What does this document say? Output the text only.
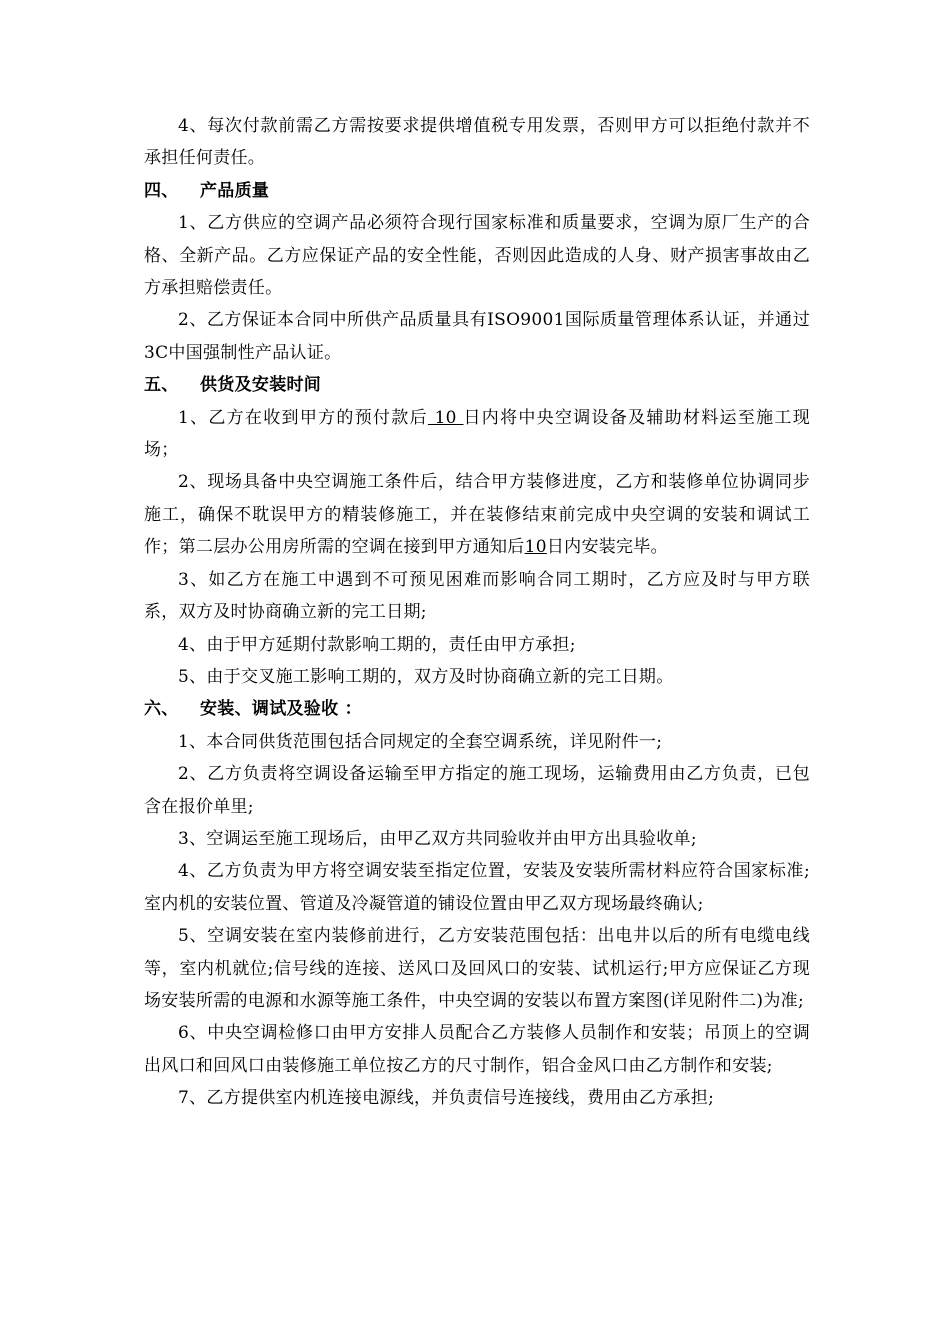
4、每次付款前需乙方需按要求提供增值税专用发票，否则甲方可以拒绝付款并不承担任何责任。

四、 产品质量

1、乙方供应的空调产品必须符合现行国家标准和质量要求，空调为原厂生产的合格、全新产品。乙方应保证产品的安全性能，否则因此造成的人身、财产损害事故由乙方承担赔偿责任。

2、乙方保证本合同中所供产品质量具有ISO9001国际质量管理体系认证，并通过3C中国强制性产品认证。

五、 供货及安装时间

1、乙方在收到甲方的预付款后 10 日内将中央空调设备及辅助材料运至施工现场；

2、现场具备中央空调施工条件后，结合甲方装修进度，乙方和装修单位协调同步施工，确保不耽误甲方的精装修施工，并在装修结束前完成中央空调的安装和调试工作；第二层办公用房所需的空调在接到甲方通知后10日内安装完毕。

3、如乙方在施工中遇到不可预见困难而影响合同工期时，乙方应及时与甲方联系，双方及时协商确立新的完工日期;

4、由于甲方延期付款影响工期的，责任由甲方承担;

5、由于交叉施工影响工期的，双方及时协商确立新的完工日期。

六、 安装、调试及验收 ：

1、本合同供货范围包括合同规定的全套空调系统，详见附件一;

2、乙方负责将空调设备运输至甲方指定的施工现场，运输费用由乙方负责，已包含在报价单里;

3、空调运至施工现场后，由甲乙双方共同验收并由甲方出具验收单;

4、乙方负责为甲方将空调安装至指定位置，安装及安装所需材料应符合国家标准;室内机的安装位置、管道及冷凝管道的铺设位置由甲乙双方现场最终确认;

5、空调安装在室内装修前进行，乙方安装范围包括：出电井以后的所有电缆电线等，室内机就位;信号线的连接、送风口及回风口的安装、试机运行;甲方应保证乙方现场安装所需的电源和水源等施工条件，中央空调的安装以布置方案图(详见附件二)为准;

6、中央空调检修口由甲方安排人员配合乙方装修人员制作和安装；吊顶上的空调出风口和回风口由装修施工单位按乙方的尺寸制作，铝合金风口由乙方制作和安装;

7、乙方提供室内机连接电源线，并负责信号连接线，费用由乙方承担;
